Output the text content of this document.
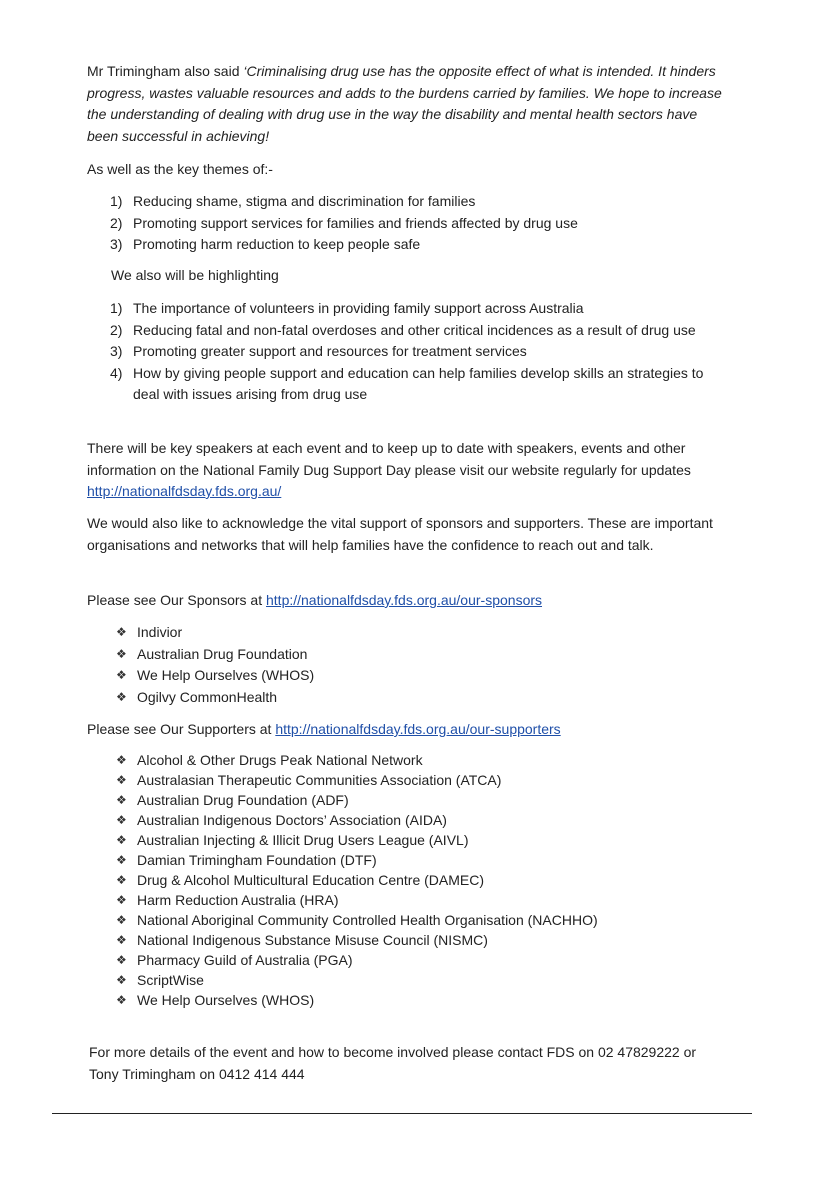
Mr Trimingham also said ‘Criminalising drug use has the opposite effect of what is intended. It hinders progress, wastes valuable resources and adds to the burdens carried by families. We hope to increase the understanding of dealing with drug use in the way the disability and mental health sectors have been successful in achieving!

As well as the key themes of:-

1) Reducing shame, stigma and discrimination for families
2) Promoting support services for families and friends affected by drug use
3) Promoting harm reduction to keep people safe

We also will be highlighting

1) The importance of volunteers in providing family support across Australia
2) Reducing fatal and non-fatal overdoses and other critical incidences as a result of drug use
3) Promoting greater support and resources for treatment services
4) How by giving people support and education can help families develop skills an strategies to deal with issues arising from drug use

There will be key speakers at each event and to keep up to date with speakers, events and other information on the National Family Dug Support Day please visit our website regularly for updates http://nationalfdsday.fds.org.au/

We would also like to acknowledge the vital support of sponsors and supporters. These are important organisations and networks that will help families have the confidence to reach out and talk.

Please see Our Sponsors at http://nationalfdsday.fds.org.au/our-sponsors

❖ Indivior
❖ Australian Drug Foundation
❖ We Help Ourselves (WHOS)
❖ Ogilvy CommonHealth

Please see Our Supporters at http://nationalfdsday.fds.org.au/our-supporters

❖ Alcohol & Other Drugs Peak National Network
❖ Australasian Therapeutic Communities Association (ATCA)
❖ Australian Drug Foundation (ADF)
❖ Australian Indigenous Doctors’ Association (AIDA)
❖ Australian Injecting & Illicit Drug Users League (AIVL)
❖ Damian Trimingham Foundation (DTF)
❖ Drug & Alcohol Multicultural Education Centre (DAMEC)
❖ Harm Reduction Australia (HRA)
❖ National Aboriginal Community Controlled Health Organisation (NACHHO)
❖ National Indigenous Substance Misuse Council (NISMC)
❖ Pharmacy Guild of Australia (PGA)
❖ ScriptWise
❖ We Help Ourselves (WHOS)

For more details of the event and how to become involved please contact FDS on 02 47829222 or Tony Trimingham on 0412 414 444
